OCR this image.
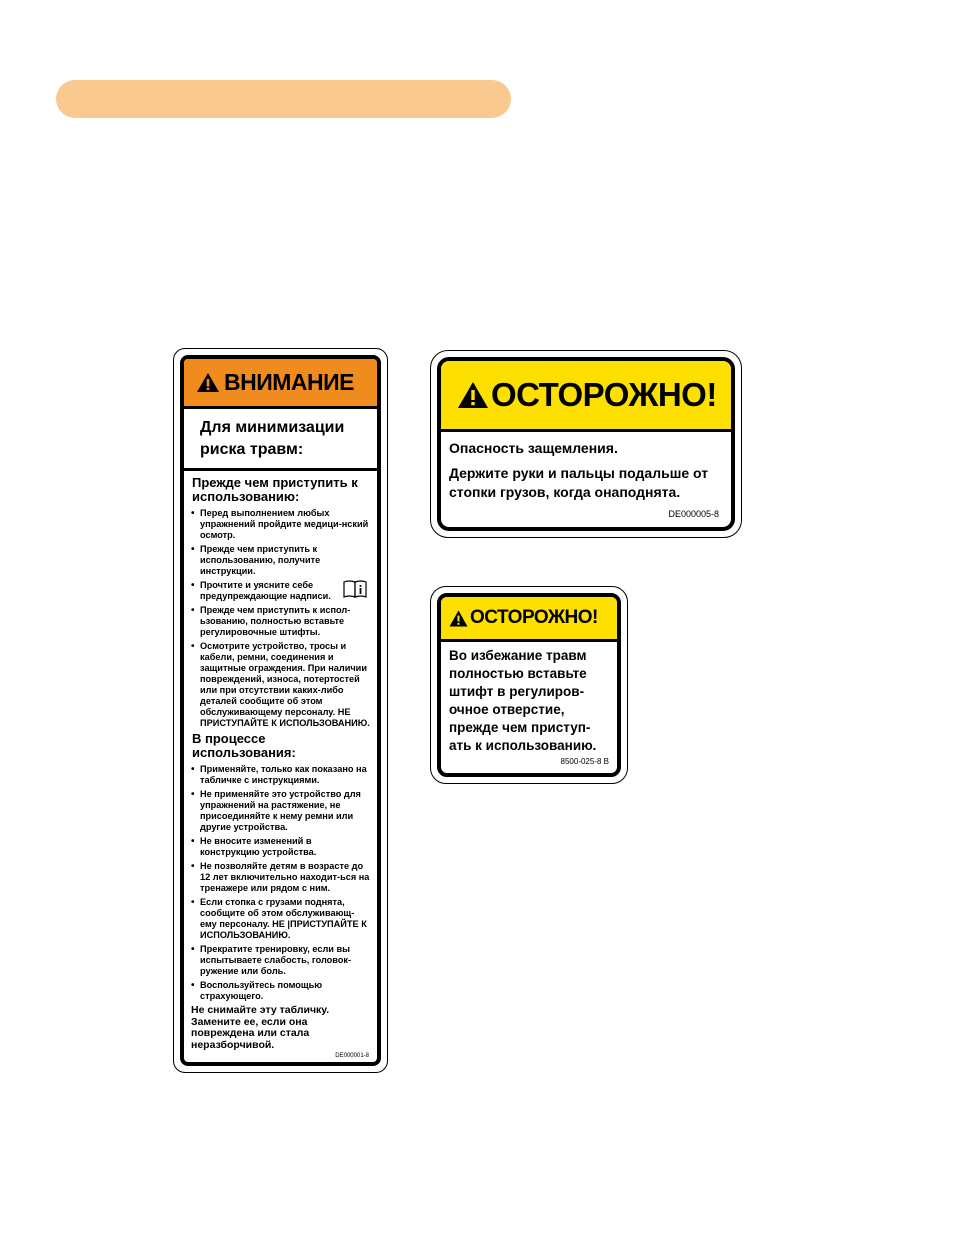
ВНИМАНИЕ
Для минимизации
риска травм:
Прежде чем приступить к использованию:
• Перед выполнением любых упражнений пройдите медици-нский осмотр.
• Прежде чем приступить к использованию, получите инструкции.
• Прочтите и уясните себе предупреждающие надписи.
• Прежде чем приступить к испол-ьзованию, полностью вставьте регулировочные штифты.
• Осмотрите устройство, тросы и кабели, ремни, соединения и защитные ограждения. При наличии повреждений, износа, потертостей или при отсутствии каких-либо деталей сообщите об этом обслуживающему персоналу. НЕ ПРИСТУПАЙТЕ К ИСПОЛЬЗОВАНИЮ.
В процессе использования:
• Применяйте, только как показано на табличке с инструкциями.
• Не применяйте это устройство для упражнений на растяжение, не присоединяйте к нему ремни или другие устройства.
• Не вносите изменений в конструкцию устройства.
• Не позволяйте детям в возрасте до 12 лет включительно находит-ься на тренажере или рядом с ним.
• Если стопка с грузами поднята, сообщите об этом обслуживающ-ему персоналу. НЕ |ПРИСТУПАЙТЕ К ИСПОЛЬЗОВАНИЮ.
• Прекратите тренировку, если вы испытываете слабость, головок-ружение или боль.
• Воспользуйтесь помощью страхующего.
Не снимайте эту табличку. Замените ее, если она повреждена или стала неразборчивой.
DE000001-8
ОСТОРОЖНО!

Опасность защемления.

Держите руки и пальцы подальше от стопки грузов, когда онаподнята.

DE000005-8
ОСТОРОЖНО!
Во избежание травм полностью вставьте штифт в регулиров-очное отверстие, прежде чем приступ-ать к использованию.
8500-025-8 B
